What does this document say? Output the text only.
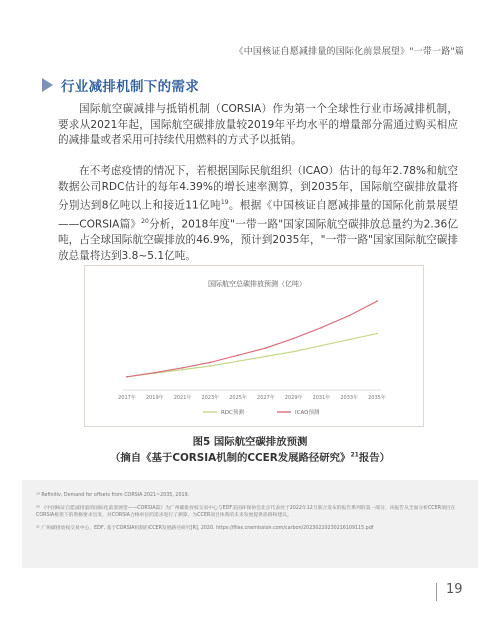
《中国核证自愿减排量的国际化前景展望》"一带一路"篇
行业减排机制下的需求
国际航空碳减排与抵销机制（CORSIA）作为第一个全球性行业市场减排机制，要求从2021年起，国际航空碳排放量较2019年平均水平的增量部分需通过购买相应的减排量或者采用可持续代用燃料的方式予以抵销。
在不考虑疫情的情况下，若根据国际民航组织（ICAO）估计的每年2.78%和航空数据公司RDC估计的每年4.39%的增长速率测算，到2035年，国际航空碳排放量将分别达到8亿吨以上和接近11亿吨$^{19}$。根据《中国核证自愿减排量的国际化前景展望——CORSIA篇》$^{20}$分析，2018年度"一带一路"国家国际航空碳排放总量约为2.36亿吨，占全球国际航空碳排放的46.9%，预计到2035年，"一带一路"国家国际航空碳排放总量将达到3.8~5.1亿吨。
国际航空总碳排放预测（亿吨）
2017年 2019年 2021年 2023年 2025年 2027年 2029年 2031年 2033年 2035年
RDC预测	ICAO预测
图5 国际航空碳排放预测
（摘自《基于CORSIA机制的CCER发展路径研究》$^{21}$报告）
¹⁹ Refinitiv, Demand for offsets from CORSIA 2021~2035, 2019.
²⁰ 《中国核证自愿减排量的国际化前景展望——CORSIA篇》为广州碳排放权交易中心与EDF美国环保协会北京代表处于2022年12月联合发布的报告系列的第一部分，该报告从全面分析CCER项目在CORSIA框架下的资格要求出发，对CORSIA合格单位的需求进行了测算，为CCER项目体系的未来发展提供思路和建议。
²¹ 广州碳排放权交易中心、EDF, 基于CORSIA机制的CCER发展路径研究[R], 2020. https://files.cnemission.com/carbon/20230220230216109115.pdf
19
